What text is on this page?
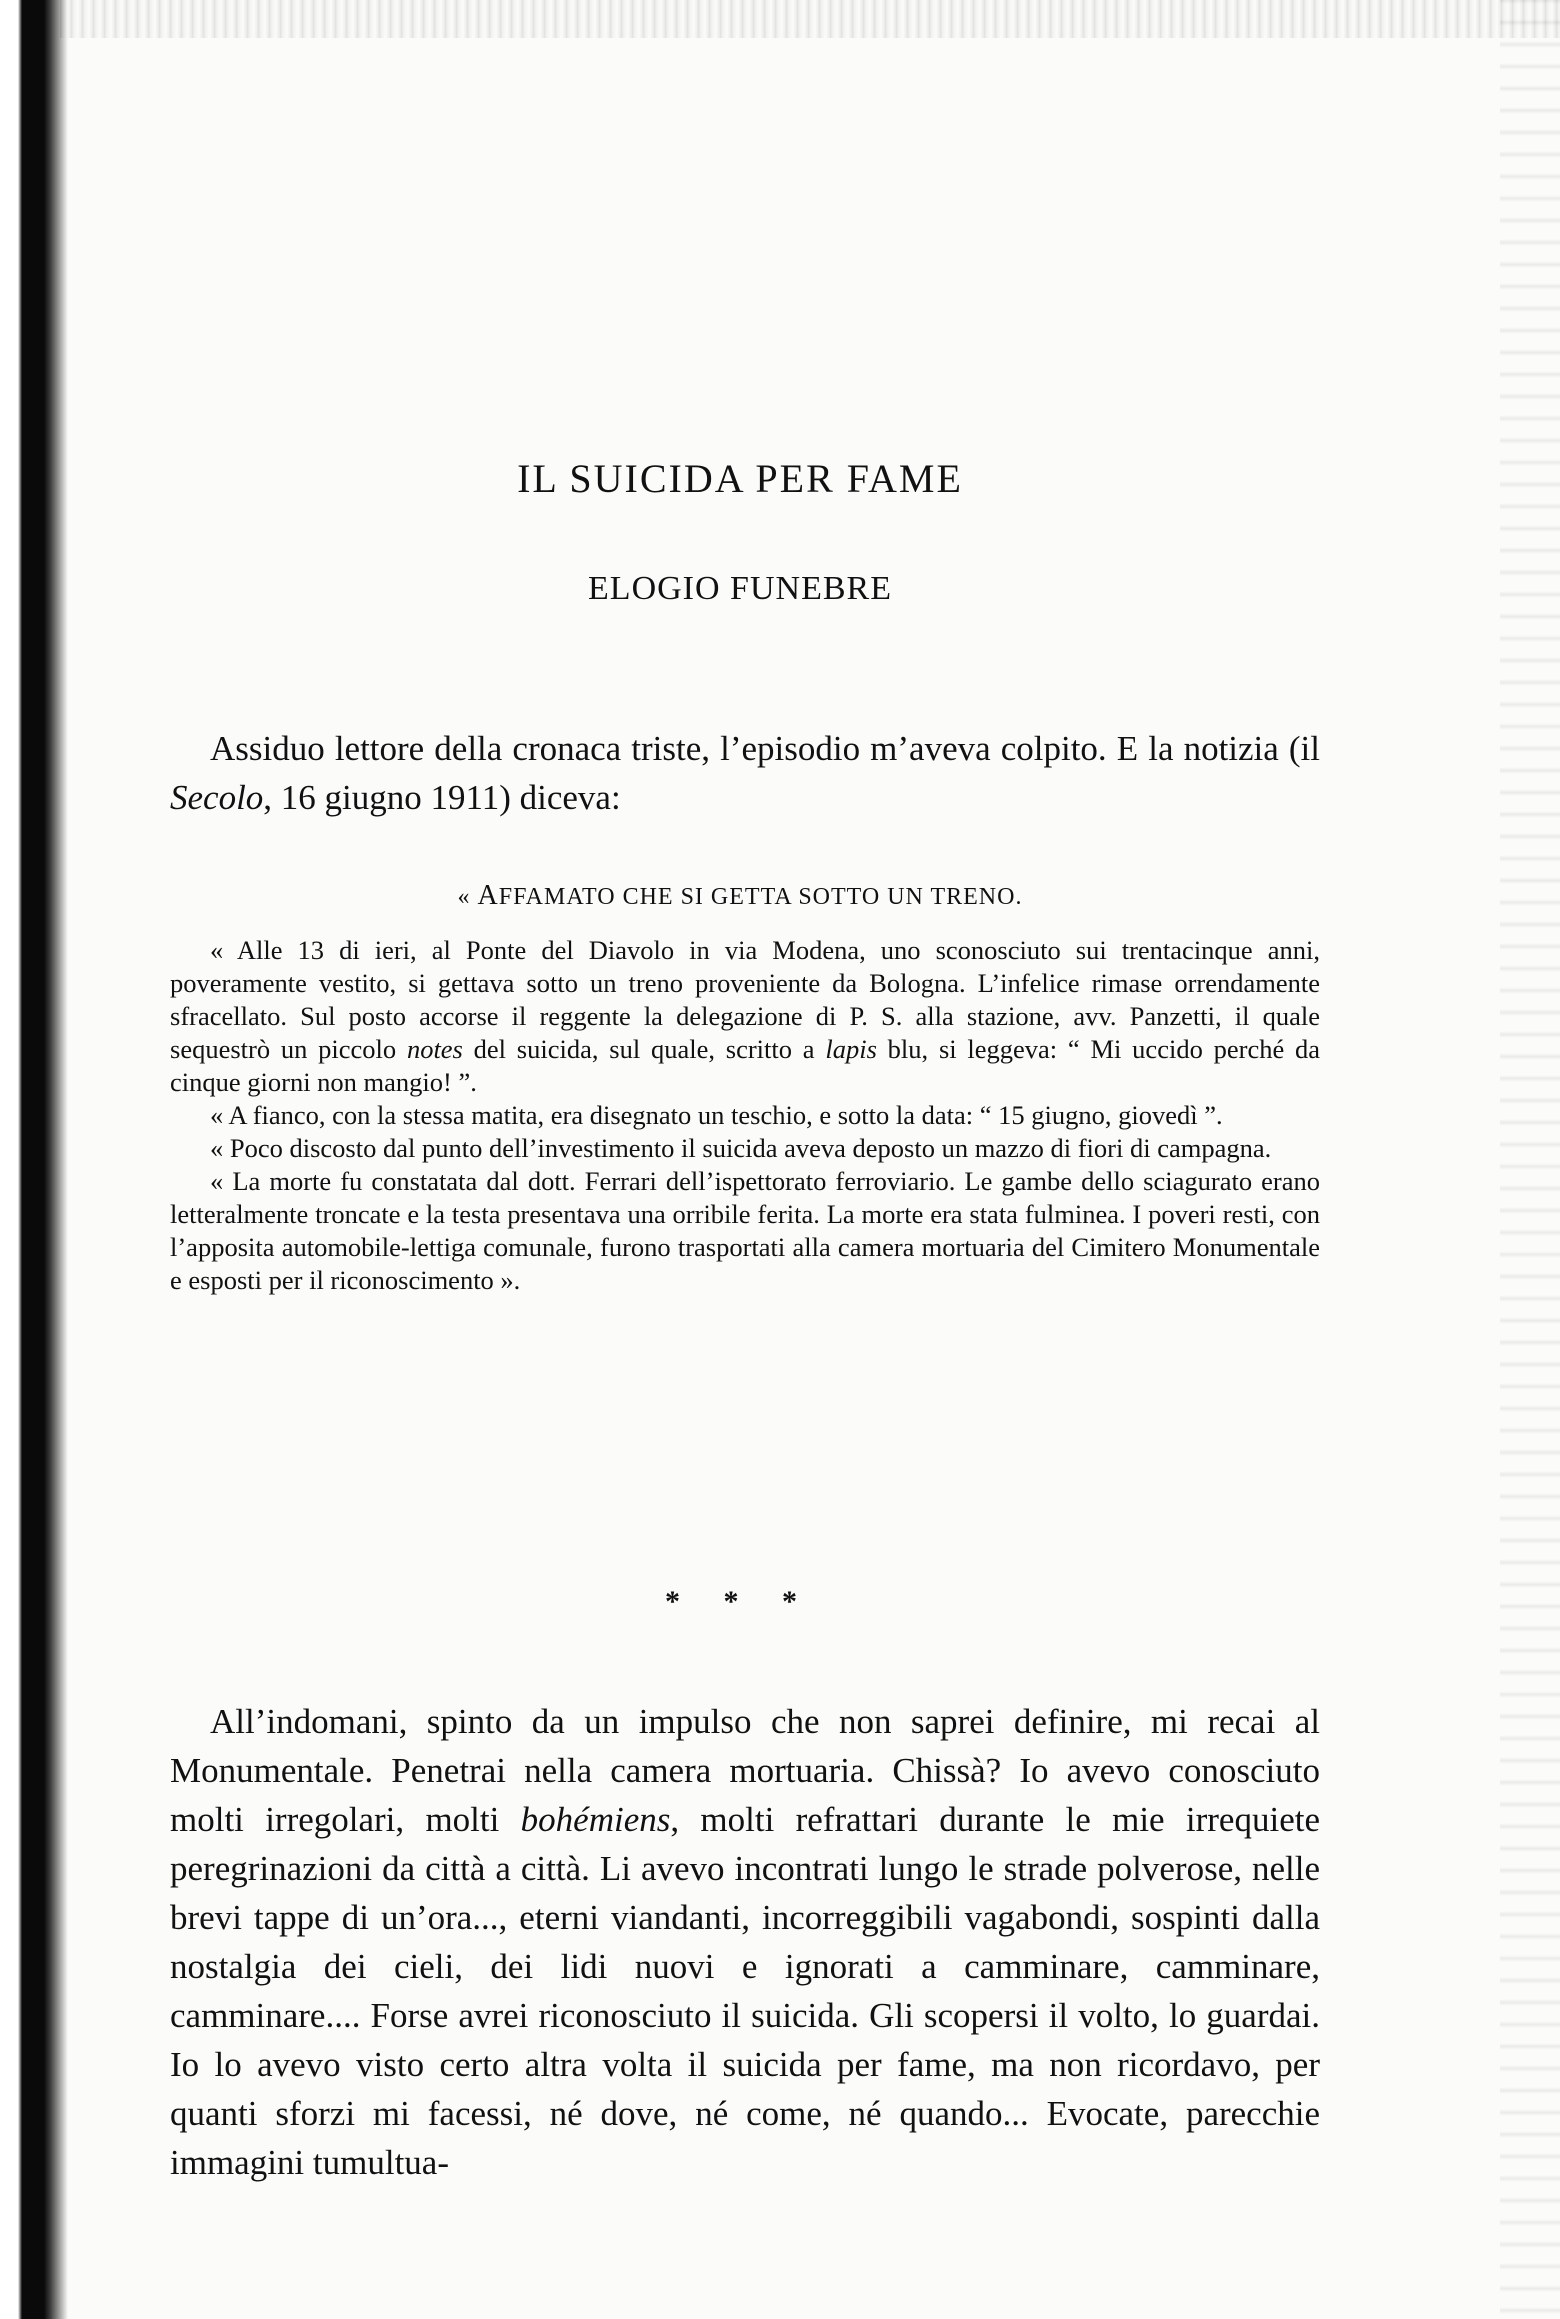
IL SUICIDA PER FAME
ELOGIO FUNEBRE

Assiduo lettore della cronaca triste, l’episodio m’aveva colpito. E la notizia (il Secolo, 16 giugno 1911) diceva:

« AFFAMATO CHE SI GETTA SOTTO UN TRENO.

« Alle 13 di ieri, al Ponte del Diavolo in via Modena, uno sconosciuto sui trentacinque anni, poveramente vestito, si gettava sotto un treno proveniente da Bologna. L’infelice rimase orrendamente sfracellato. Sul posto accorse il reggente la delegazione di P. S. alla stazione, avv. Panzetti, il quale sequestrò un piccolo notes del suicida, sul quale, scritto a lapis blu, si leggeva: “ Mi uccido perché da cinque giorni non mangio! ”.

« A fianco, con la stessa matita, era disegnato un teschio, e sotto la data: “ 15 giugno, giovedì ”.

« Poco discosto dal punto dell’investimento il suicida aveva deposto un mazzo di fiori di campagna.

« La morte fu constatata dal dott. Ferrari dell’ispettorato ferroviario. Le gambe dello sciagurato erano letteralmente troncate e la testa presentava una orribile ferita. La morte era stata fulminea. I poveri resti, con l’apposita automobile-lettiga comunale, furono trasportati alla camera mortuaria del Cimitero Monumentale e esposti per il riconoscimento ».

* * *

All’indomani, spinto da un impulso che non saprei definire, mi recai al Monumentale. Penetrai nella camera mortuaria. Chissà? Io avevo conosciuto molti irregolari, molti bohémiens, molti refrattari durante le mie irrequiete peregrinazioni da città a città. Li avevo incontrati lungo le strade polverose, nelle brevi tappe di un’ora..., eterni viandanti, incorreggibili vagabondi, sospinti dalla nostalgia dei cieli, dei lidi nuovi e ignorati a camminare, camminare, camminare.... Forse avrei riconosciuto il suicida. Gli scopersi il volto, lo guardai. Io lo avevo visto certo altra volta il suicida per fame, ma non ricordavo, per quanti sforzi mi facessi, né dove, né come, né quando... Evocate, parecchie immagini tumultua-
